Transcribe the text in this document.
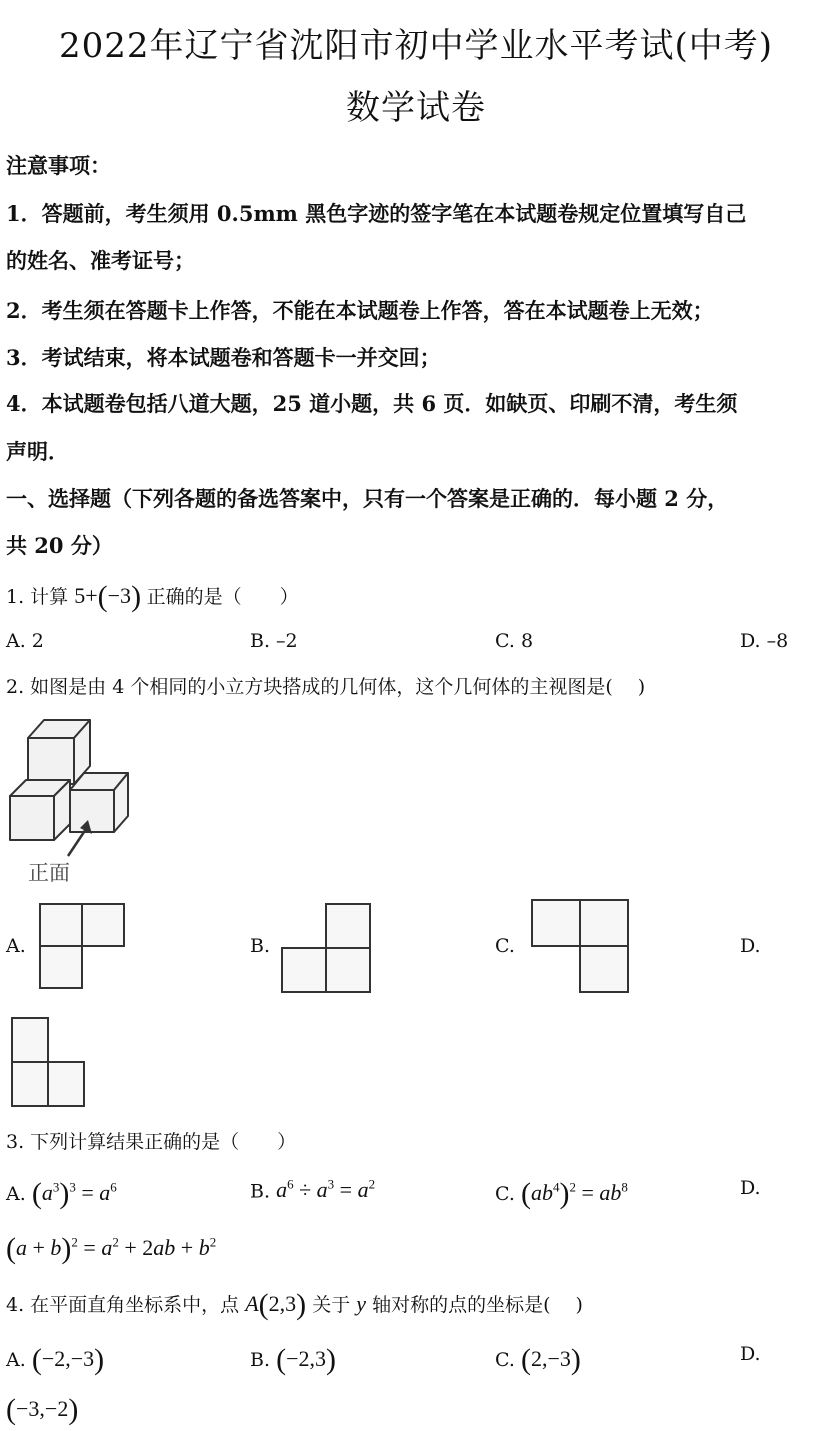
2022年辽宁省沈阳市初中学业水平考试(中考)
数学试卷
注意事项：
1．答题前，考生须用 0.5mm 黑色字迹的签字笔在本试题卷规定位置填写自己
的姓名、准考证号；
2．考生须在答题卡上作答，不能在本试题卷上作答，答在本试题卷上无效；
3．考试结束，将本试题卷和答题卡一并交回；
4．本试题卷包括八道大题，25 道小题，共 6 页．如缺页、印刷不清，考生须
声明．
一、选择题（下列各题的备选答案中，只有一个答案是正确的．每小题 2 分，
共 20 分）
1. 计算 5+(−3) 正确的是（　　）
A. 2	B. –2	C. 8	D. –8
2. 如图是由 4 个相同的小立方块搭成的几何体，这个几何体的主视图是(　 )
正面
A.	B.	C.	D.
3. 下列计算结果正确的是（　　）
A. $(a^3)^3 = a^6$	B. $a^6 \div a^3 = a^2$	C. $(ab^4)^2 = ab^8$	D.
$(a + b)^2 = a^2 + 2ab + b^2$
4. 在平面直角坐标系中，点 A(2,3) 关于 y 轴对称的点的坐标是(　 )
A. (−2,−3)	B. (−2,3)	C. (2,−3)	D.
(−3,−2)
